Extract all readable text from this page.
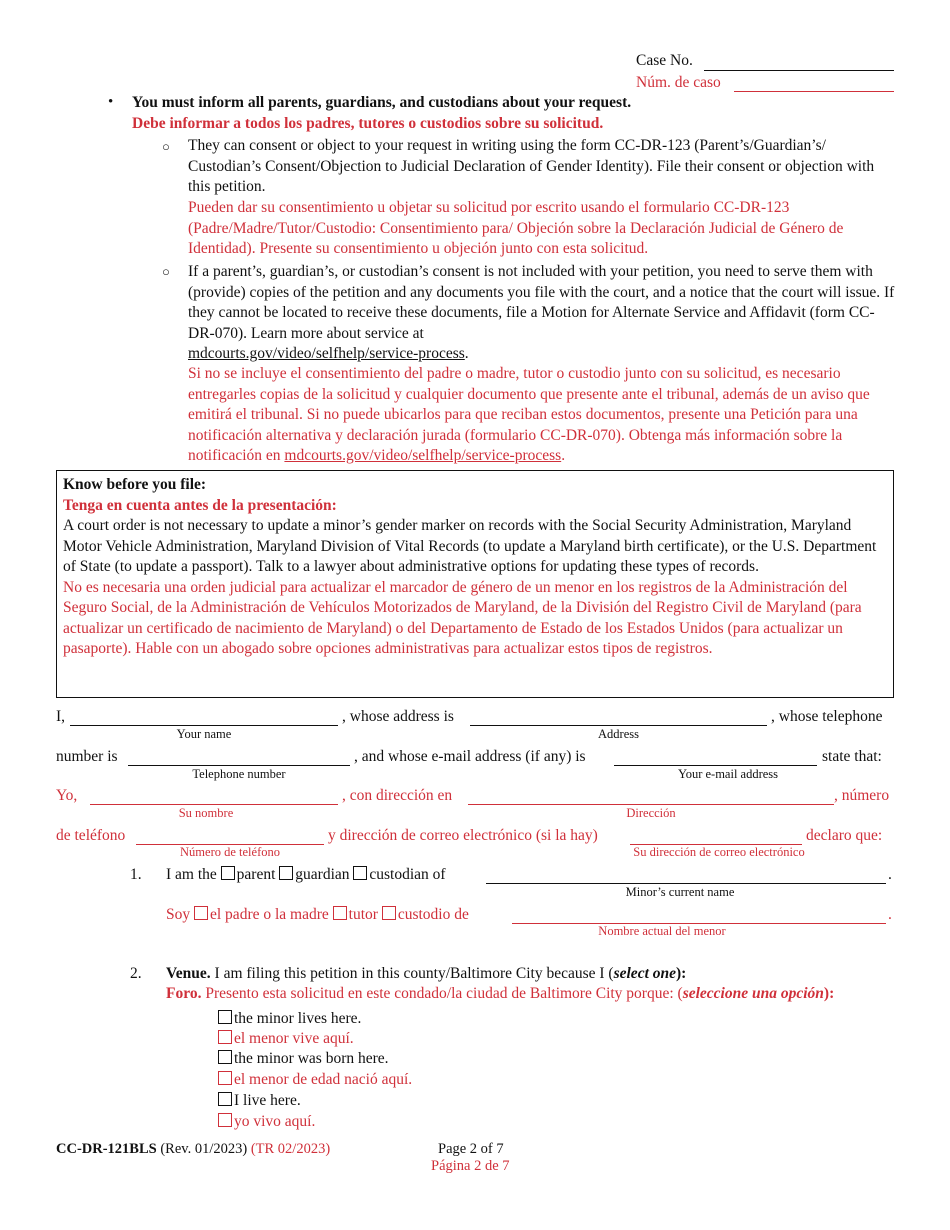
Case No.
Núm. de caso
• You must inform all parents, guardians, and custodians about your request.
Debe informar a todos los padres, tutores o custodios sobre su solicitud.
○ They can consent or object to your request in writing using the form CC-DR-123 (Parent’s/Guardian’s/ Custodian’s Consent/Objection to Judicial Declaration of Gender Identity). File their consent or objection with this petition.
Pueden dar su consentimiento u objetar su solicitud por escrito usando el formulario CC-DR-123 (Padre/Madre/Tutor/Custodio: Consentimiento para/ Objeción sobre la Declaración Judicial de Género de Identidad). Presente su consentimiento u objeción junto con esta solicitud.
○ If a parent’s, guardian’s, or custodian’s consent is not included with your petition, you need to serve them with (provide) copies of the petition and any documents you file with the court, and a notice that the court will issue. If they cannot be located to receive these documents, file a Motion for Alternate Service and Affidavit (form CC-DR-070). Learn more about service at
mdcourts.gov/video/selfhelp/service-process.
Si no se incluye el consentimiento del padre o madre, tutor o custodio junto con su solicitud, es necesario entregarles copias de la solicitud y cualquier documento que presente ante el tribunal, además de un aviso que emitirá el tribunal. Si no puede ubicarlos para que reciban estos documentos, presente una Petición para una notificación alternativa y declaración jurada (formulario CC-DR-070). Obtenga más información sobre la notificación en mdcourts.gov/video/selfhelp/service-process.
Know before you file:
Tenga en cuenta antes de la presentación:
A court order is not necessary to update a minor’s gender marker on records with the Social Security Administration, Maryland Motor Vehicle Administration, Maryland Division of Vital Records (to update a Maryland birth certificate), or the U.S. Department of State (to update a passport). Talk to a lawyer about administrative options for updating these types of records.
No es necesaria una orden judicial para actualizar el marcador de género de un menor en los registros de la Administración del Seguro Social, de la Administración de Vehículos Motorizados de Maryland, de la División del Registro Civil de Maryland (para actualizar un certificado de nacimiento de Maryland) o del Departamento de Estado de los Estados Unidos (para actualizar un pasaporte). Hable con un abogado sobre opciones administrativas para actualizar estos tipos de registros.
I,	, whose address is	, whose telephone
Your name	Address
number is	, and whose e-mail address (if any) is	state that:
Telephone number	Your e-mail address
Yo,	, con dirección en	, número
Su nombre	Dirección
de teléfono	y dirección de correo electrónico (si la hay)	declaro que:
Número de teléfono	Su dirección de correo electrónico
1. I am the parent guardian custodian of	.
Minor’s current name
Soy el padre o la madre tutor custodio de	.
Nombre actual del menor
2. Venue. I am filing this petition in this county/Baltimore City because I (select one):
Foro. Presento esta solicitud en este condado/la ciudad de Baltimore City porque: (seleccione una opción):
the minor lives here.
el menor vive aquí.
the minor was born here.
el menor de edad nació aquí.
I live here.
yo vivo aquí.
CC-DR-121BLS (Rev. 01/2023) (TR 02/2023)	Page 2 of 7
Página 2 de 7
